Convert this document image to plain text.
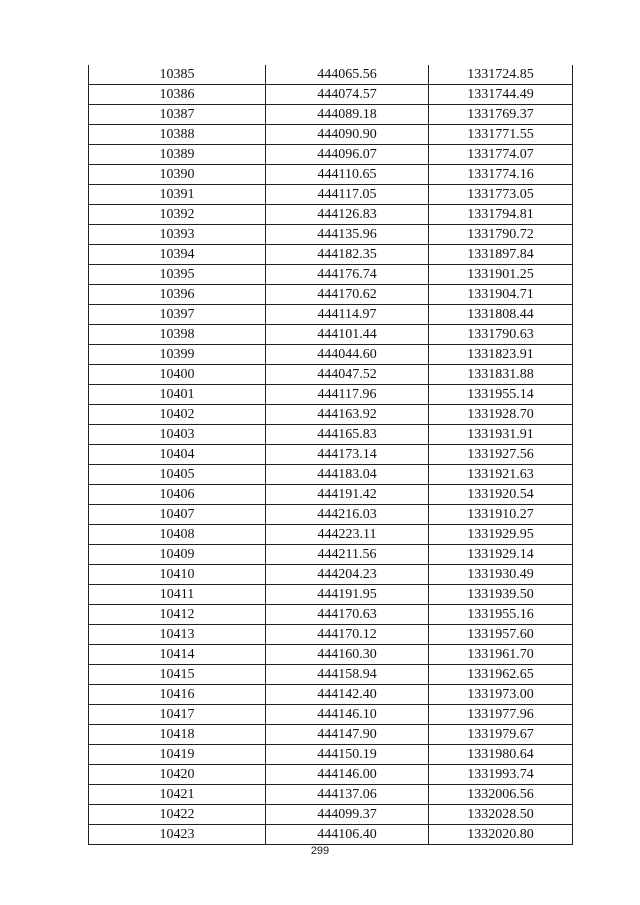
10385	444065.56	1331724.85
10386	444074.57	1331744.49
10387	444089.18	1331769.37
10388	444090.90	1331771.55
10389	444096.07	1331774.07
10390	444110.65	1331774.16
10391	444117.05	1331773.05
10392	444126.83	1331794.81
10393	444135.96	1331790.72
10394	444182.35	1331897.84
10395	444176.74	1331901.25
10396	444170.62	1331904.71
10397	444114.97	1331808.44
10398	444101.44	1331790.63
10399	444044.60	1331823.91
10400	444047.52	1331831.88
10401	444117.96	1331955.14
10402	444163.92	1331928.70
10403	444165.83	1331931.91
10404	444173.14	1331927.56
10405	444183.04	1331921.63
10406	444191.42	1331920.54
10407	444216.03	1331910.27
10408	444223.11	1331929.95
10409	444211.56	1331929.14
10410	444204.23	1331930.49
10411	444191.95	1331939.50
10412	444170.63	1331955.16
10413	444170.12	1331957.60
10414	444160.30	1331961.70
10415	444158.94	1331962.65
10416	444142.40	1331973.00
10417	444146.10	1331977.96
10418	444147.90	1331979.67
10419	444150.19	1331980.64
10420	444146.00	1331993.74
10421	444137.06	1332006.56
10422	444099.37	1332028.50
10423	444106.40	1332020.80
299
